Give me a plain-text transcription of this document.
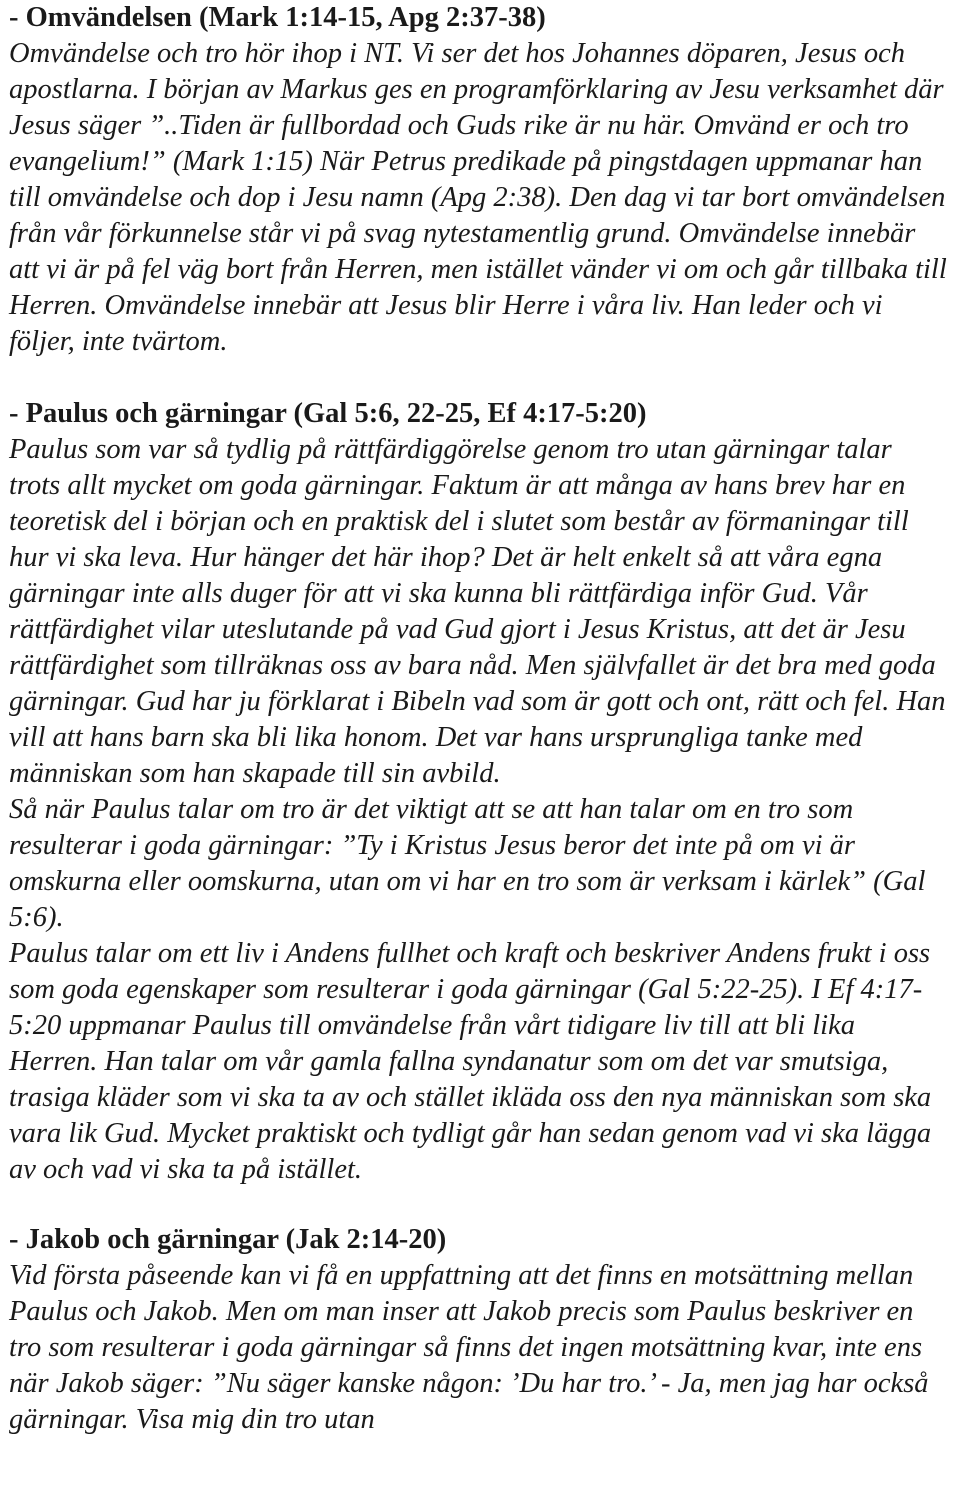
- Omvändelsen (Mark 1:14-15, Apg 2:37-38)

Omvändelse och tro hör ihop i NT. Vi ser det hos Johannes döparen, Jesus och apostlarna. I början av Markus ges en programförklaring av Jesu verksamhet där Jesus säger ”..Tiden är fullbordad och Guds rike är nu här. Omvänd er och tro evangelium!” (Mark 1:15) När Petrus predikade på pingstdagen uppmanar han till omvändelse och dop i Jesu namn (Apg 2:38). Den dag vi tar bort omvändelsen från vår förkunnelse står vi på svag nytestamentlig grund. Omvändelse innebär att vi är på fel väg bort från Herren, men istället vänder vi om och går tillbaka till Herren. Omvändelse innebär att Jesus blir Herre i våra liv. Han leder och vi följer, inte tvärtom.

- Paulus och gärningar (Gal 5:6, 22-25, Ef 4:17-5:20)

Paulus som var så tydlig på rättfärdiggörelse genom tro utan gärningar talar trots allt mycket om goda gärningar. Faktum är att många av hans brev har en teoretisk del i början och en praktisk del i slutet som består av förmaningar till hur vi ska leva. Hur hänger det här ihop? Det är helt enkelt så att våra egna gärningar inte alls duger för att vi ska kunna bli rättfärdiga inför Gud. Vår rättfärdighet vilar uteslutande på vad Gud gjort i Jesus Kristus, att det är Jesu rättfärdighet som tillräknas oss av bara nåd. Men självfallet är det bra med goda gärningar. Gud har ju förklarat i Bibeln vad som är gott och ont, rätt och fel. Han vill att hans barn ska bli lika honom. Det var hans ursprungliga tanke med människan som han skapade till sin avbild.
Så när Paulus talar om tro är det viktigt att se att han talar om en tro som resulterar i goda gärningar: ”Ty i Kristus Jesus beror det inte på om vi är omskurna eller oomskurna, utan om vi har en tro som är verksam i kärlek” (Gal 5:6).
Paulus talar om ett liv i Andens fullhet och kraft och beskriver Andens frukt i oss som goda egenskaper som resulterar i goda gärningar (Gal 5:22-25). I Ef 4:17-5:20 uppmanar Paulus till omvändelse från vårt tidigare liv till att bli lika Herren. Han talar om vår gamla fallna syndanatur som om det var smutsiga, trasiga kläder som vi ska ta av och stället ikläda oss den nya människan som ska vara lik Gud. Mycket praktiskt och tydligt går han sedan genom vad vi ska lägga av och vad vi ska ta på istället.

- Jakob och gärningar (Jak 2:14-20)

Vid första påseende kan vi få en uppfattning att det finns en motsättning mellan Paulus och Jakob. Men om man inser att Jakob precis som Paulus beskriver en tro som resulterar i goda gärningar så finns det ingen motsättning kvar, inte ens när Jakob säger: ”Nu säger kanske någon: ’Du har tro.’ - Ja, men jag har också gärningar. Visa mig din tro utan
